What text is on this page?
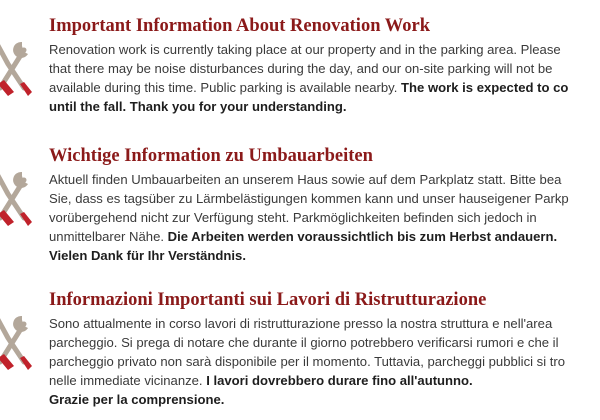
Important Information About Renovation Work
Renovation work is currently taking place at our property and in the parking area. Please
that there may be noise disturbances during the day, and our on-site parking will not be
available during this time. Public parking is available nearby. The work is expected to co
until the fall. Thank you for your understanding.
Wichtige Information zu Umbauarbeiten
Aktuell finden Umbauarbeiten an unserem Haus sowie auf dem Parkplatz statt. Bitte bea
Sie, dass es tagsüber zu Lärmbelästigungen kommen kann und unser hauseigener Parkp
vorübergehend nicht zur Verfügung steht. Parkmöglichkeiten befinden sich jedoch in
unmittelbarer Nähe. Die Arbeiten werden voraussichtlich bis zum Herbst andauern.
Vielen Dank für Ihr Verständnis.
Informazioni Importanti sui Lavori di Ristrutturazione
Sono attualmente in corso lavori di ristrutturazione presso la nostra struttura e nell'area
parcheggio. Si prega di notare che durante il giorno potrebbero verificarsi rumori e che il
parcheggio privato non sarà disponibile per il momento. Tuttavia, parcheggi pubblici si tro
nelle immediate vicinanze. I lavori dovrebbero durare fino all'autunno.
Grazie per la comprensione.
